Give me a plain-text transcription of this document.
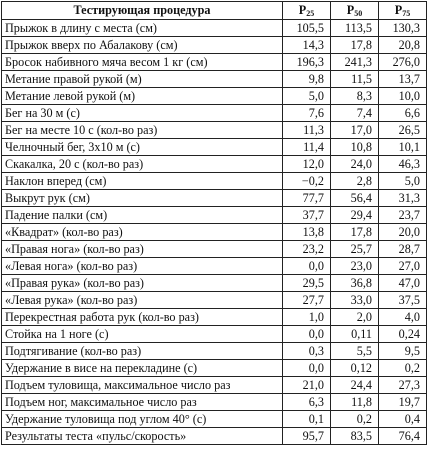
Тестирующая процедура	$P_{25}$	$P_{50}$	$P_{75}$
Прыжок в длину с места (см)	105,5	113,5	130,3
Прыжок вверх по Абалакову (см)	14,3	17,8	20,8
Бросок набивного мяча весом 1 кг (см)	196,3	241,3	276,0
Метание правой рукой (м)	9,8	11,5	13,7
Метание левой рукой (м)	5,0	8,3	10,0
Бег на 30 м (с)	7,6	7,4	6,6
Бег на месте 10 с (кол-во раз)	11,3	17,0	26,5
Челночный бег, 3х10 м (с)	11,4	10,8	10,1
Скакалка, 20 с (кол-во раз)	12,0	24,0	46,3
Наклон вперед (см)	−0,2	2,8	5,0
Выкрут рук (см)	77,7	56,4	31,3
Падение палки (см)	37,7	29,4	23,7
«Квадрат» (кол-во раз)	13,8	17,8	20,0
«Правая нога» (кол-во раз)	23,2	25,7	28,7
«Левая нога» (кол-во раз)	0,0	23,0	27,0
«Правая рука» (кол-во раз)	29,5	36,8	47,0
«Левая рука» (кол-во раз)	27,7	33,0	37,5
Перекрестная работа рук (кол-во раз)	1,0	2,0	4,0
Стойка на 1 ноге (с)	0,0	0,11	0,24
Подтягивание (кол-во раз)	0,3	5,5	9,5
Удержание в висе на перекладине (с)	0,0	0,12	0,2
Подъем туловища, максимальное число раз	21,0	24,4	27,3
Подъем ног, максимальное число раз	6,3	11,8	19,7
Удержание туловища под углом 40° (с)	0,1	0,2	0,4
Результаты теста «пульс/скорость»	95,7	83,5	76,4
